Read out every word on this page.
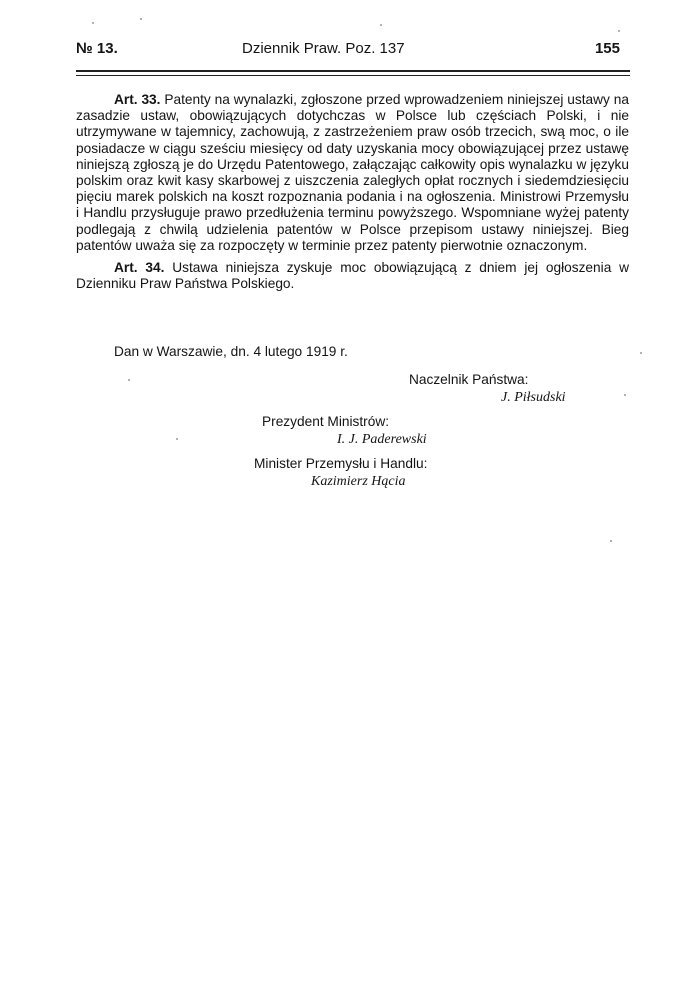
№ 13.	Dziennik Praw. Poz. 137	155

Art. 33. Patenty na wynalazki, zgłoszone przed wprowadzeniem niniejszej ustawy na zasadzie ustaw, obowiązujących dotychczas w Polsce lub częściach Polski, i nie utrzymywane w tajemnicy, zachowują, z zastrzeżeniem praw osób trzecich, swą moc, o ile posiadacze w ciągu sześciu miesięcy od daty uzyskania mocy obowiązującej przez ustawę niniejszą zgłoszą je do Urzędu Patentowego, załączając całkowity opis wynalazku w języku polskim oraz kwit kasy skarbowej z uiszczenia zaległych opłat rocznych i siedemdziesięciu pięciu marek polskich na koszt rozpoznania podania i na ogłoszenia. Ministrowi Przemysłu i Handlu przysługuje prawo przedłużenia terminu powyższego. Wspomniane wyżej patenty podlegają z chwilą udzielenia patentów w Polsce przepisom ustawy niniejszej. Bieg patentów uważa się za rozpoczęty w terminie przez patenty pierwotnie oznaczonym.

Art. 34. Ustawa niniejsza zyskuje moc obowiązującą z dniem jej ogłoszenia w Dzienniku Praw Państwa Polskiego.

Dan w Warszawie, dn. 4 lutego 1919 r.
Naczelnik Państwa:
J. Piłsudski
Prezydent Ministrów:
I. J. Paderewski
Minister Przemysłu i Handlu:
Kazimierz Hącia
